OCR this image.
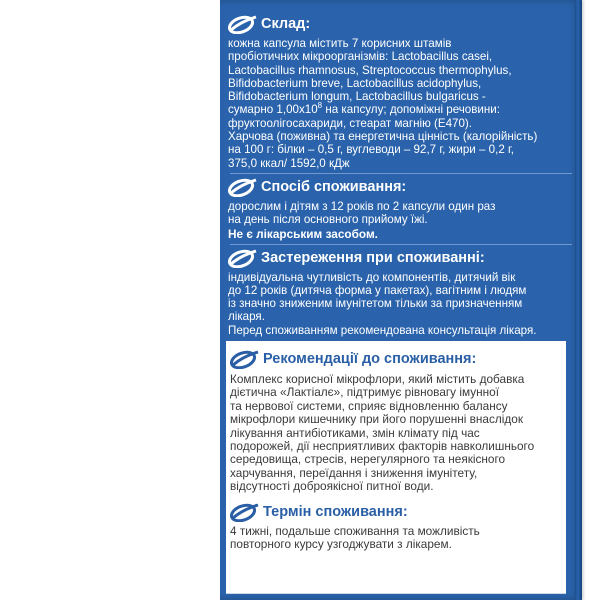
Склад:
кожна капсула містить 7 корисних штамів
пробіотичних мікроорганізмів: Lactobacillus casei,
Lactobacillus rhamnosus, Streptococcus thermophylus,
Bifidobacterium breve, Lactobacillus acidophylus,
Bifidobacterium longum, Lactobacillus bulgaricus -
сумарно $1,00x10^8$ на капсулу; допоміжні речовини:
фруктоолігосахариди, стеарат магнію (Е470).
Харчова (поживна) та енергетична цінність (калорійність)
на 100 г: білки – 0,5 г, вуглеводи – 92,7 г, жири – 0,2 г,
375,0 ккал/ 1592,0 кДж
Спосіб споживання:
дорослим і дітям з 12 років по 2 капсули один раз
на день після основного прийому їжі.
Не є лікарським засобом.
Застереження при споживанні:
індивідуальна чутливість до компонентів, дитячий вік
до 12 років (дитяча форма у пакетах), вагітним і людям
із значно зниженим імунітетом тільки за призначенням
лікаря.
Перед споживанням рекомендована консультація лікаря.
Рекомендації до споживання:
Комплекс корисної мікрофлори, який містить добавка
дієтична «Лактіалє», підтримує рівновагу імунної
та нервової системи, сприяє відновленню балансу
мікрофлори кишечнику при його порушенні внаслідок
лікування антибіотиками, змін клімату під час
подорожей, дії несприятливих факторів навколишнього
середовища, стресів, нерегулярного та неякісного
харчування, переїдання і зниження імунітету,
відсутності доброякісної питної води.
Термін споживання:
4 тижні, подальше споживання та можливість
повторного курсу узгоджувати з лікарем.
